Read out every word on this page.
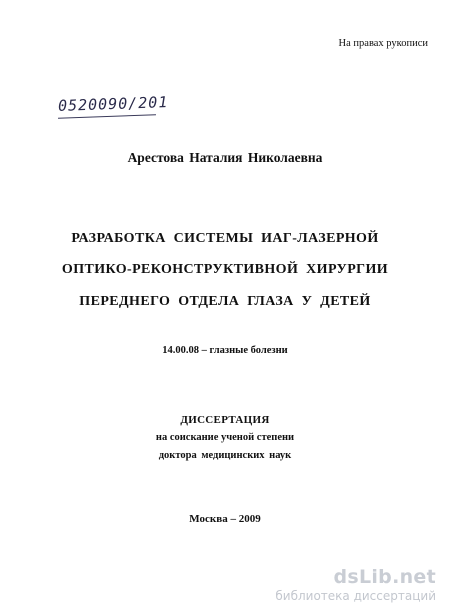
На правах рукописи
0520090/201
Арестова Наталия Николаевна
РАЗРАБОТКА СИСТЕМЫ ИАГ-ЛАЗЕРНОЙ
ОПТИКО-РЕКОНСТРУКТИВНОЙ ХИРУРГИИ
ПЕРЕДНЕГО ОТДЕЛА ГЛАЗА У ДЕТЕЙ
14.00.08 – глазные болезни
ДИССЕРТАЦИЯ
на соискание ученой степени
доктора медицинских наук
Москва – 2009
dsLib.net
библиотека диссертаций
